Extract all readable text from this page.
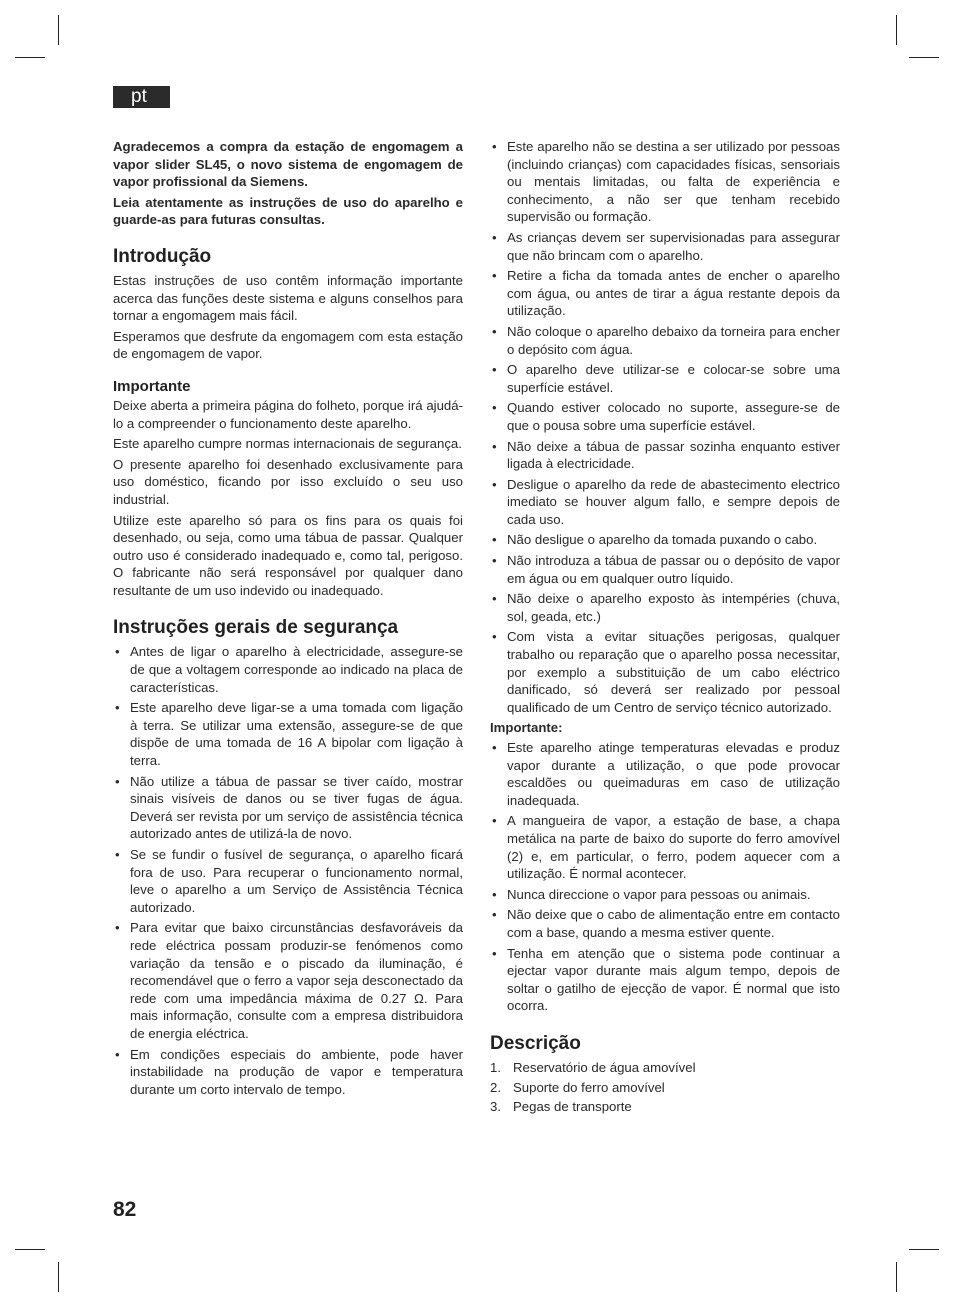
pt

Agradecemos a compra da estação de engomagem a vapor slider SL45, o novo sistema de engomagem de vapor profissional da Siemens.

Leia atentamente as instruções de uso do aparelho e guarde-as para futuras consultas.

Introdução

Estas instruções de uso contêm informação importante acerca das funções deste sistema e alguns conselhos para tornar a engomagem mais fácil.

Esperamos que desfrute da engomagem com esta estação de engomagem de vapor.

Importante

Deixe aberta a primeira página do folheto, porque irá ajudá-lo a compreender o funcionamento deste aparelho.

Este aparelho cumpre normas internacionais de segurança.

O presente aparelho foi desenhado exclusivamente para uso doméstico, ficando por isso excluído o seu uso industrial.

Utilize este aparelho só para os fins para os quais foi desenhado, ou seja, como uma tábua de passar. Qualquer outro uso é considerado inadequado e, como tal, perigoso. O fabricante não será responsável por qualquer dano resultante de um uso indevido ou inadequado.

Instruções gerais de segurança
• Antes de ligar o aparelho à electricidade, assegure-se de que a voltagem corresponde ao indicado na placa de características.
• Este aparelho deve ligar-se a uma tomada com ligação à terra. Se utilizar uma extensão, assegure-se de que dispõe de uma tomada de 16 A bipolar com ligação à terra.
• Não utilize a tábua de passar se tiver caído, mostrar sinais visíveis de danos ou se tiver fugas de água. Deverá ser revista por um serviço de assistência técnica autorizado antes de utilizá-la de novo.
• Se se fundir o fusível de segurança, o aparelho ficará fora de uso. Para recuperar o funcionamento normal, leve o aparelho a um Serviço de Assistência Técnica autorizado.
• Para evitar que baixo circunstâncias desfavoráveis da rede eléctrica possam produzir-se fenómenos como variação da tensão e o piscado da iluminação, é recomendável que o ferro a vapor seja desconectado da rede com uma impedância máxima de 0.27 Ω. Para mais informação, consulte com a empresa distribuidora de energia eléctrica.
• Em condições especiais do ambiente, pode haver instabilidade na produção de vapor e temperatura durante um corto intervalo de tempo.
• Este aparelho não se destina a ser utilizado por pessoas (incluindo crianças) com capacidades físicas, sensoriais ou mentais limitadas, ou falta de experiência e conhecimento, a não ser que tenham recebido supervisão ou formação.
• As crianças devem ser supervisionadas para assegurar que não brincam com o aparelho.
• Retire a ficha da tomada antes de encher o aparelho com água, ou antes de tirar a água restante depois da utilização.
• Não coloque o aparelho debaixo da torneira para encher o depósito com água.
• O aparelho deve utilizar-se e colocar-se sobre uma superfície estável.
• Quando estiver colocado no suporte, assegure-se de que o pousa sobre uma superfície estável.
• Não deixe a tábua de passar sozinha enquanto estiver ligada à electricidade.
• Desligue o aparelho da rede de abastecimento electrico imediato se houver algum fallo, e sempre depois de cada uso.
• Não desligue o aparelho da tomada puxando o cabo.
• Não introduza a tábua de passar ou o depósito de vapor em água ou em qualquer outro líquido.
• Não deixe o aparelho exposto às intempéries (chuva, sol, geada, etc.)
• Com vista a evitar situações perigosas, qualquer trabalho ou reparação que o aparelho possa necessitar, por exemplo a substituição de um cabo eléctrico danificado, só deverá ser realizado por pessoal qualificado de um Centro de serviço técnico autorizado.
Importante:
• Este aparelho atinge temperaturas elevadas e produz vapor durante a utilização, o que pode provocar escaldões ou queimaduras em caso de utilização inadequada.
• A mangueira de vapor, a estação de base, a chapa metálica na parte de baixo do suporte do ferro amovível (2) e, em particular, o ferro, podem aquecer com a utilização. É normal acontecer.
• Nunca direccione o vapor para pessoas ou animais.
• Não deixe que o cabo de alimentação entre em contacto com a base, quando a mesma estiver quente.
• Tenha em atenção que o sistema pode continuar a ejectar vapor durante mais algum tempo, depois de soltar o gatilho de ejecção de vapor. É normal que isto ocorra.
Descrição
1. Reservatório de água amovível
2. Suporte do ferro amovível
3. Pegas de transporte
82
